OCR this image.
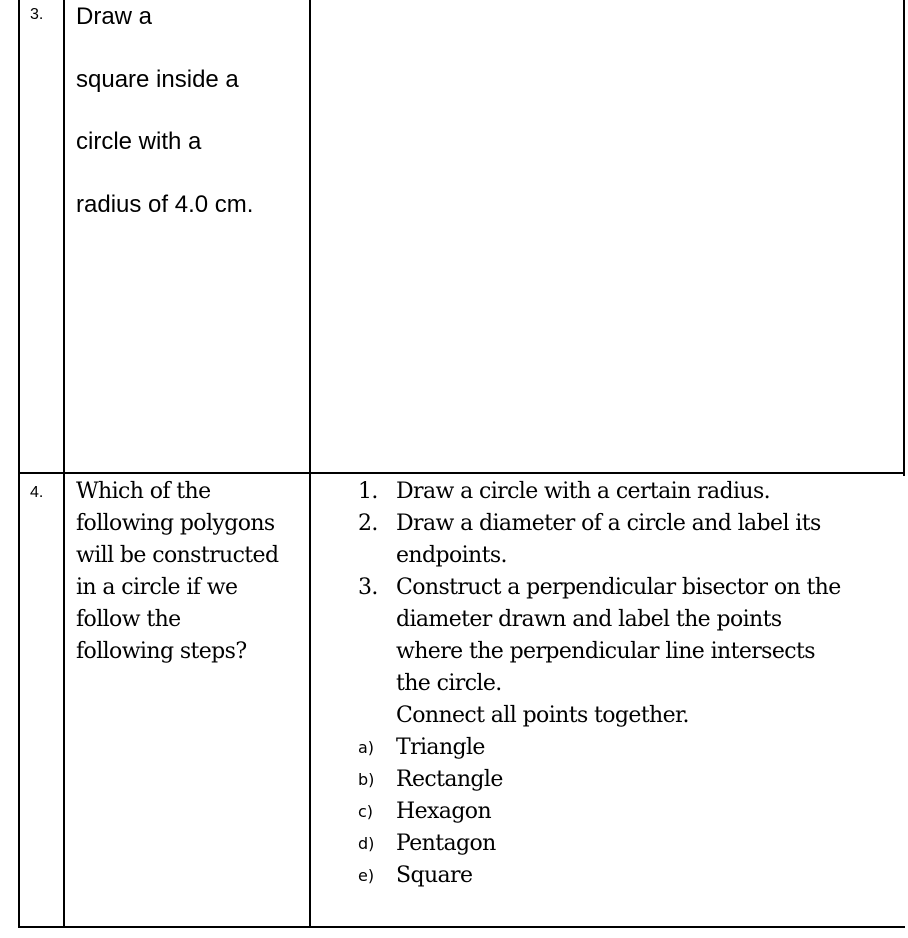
3. Draw a
square inside a
circle with a
radius of 4.0 cm.
4. Which of the
following polygons
will be constructed
in a circle if we
follow the
following steps?
1. Draw a circle with a certain radius.
2. Draw a diameter of a circle and label its
endpoints.
3. Construct a perpendicular bisector on the
diameter drawn and label the points
where the perpendicular line intersects
the circle.
Connect all points together.
a) Triangle
b) Rectangle
c) Hexagon
d) Pentagon
e) Square
